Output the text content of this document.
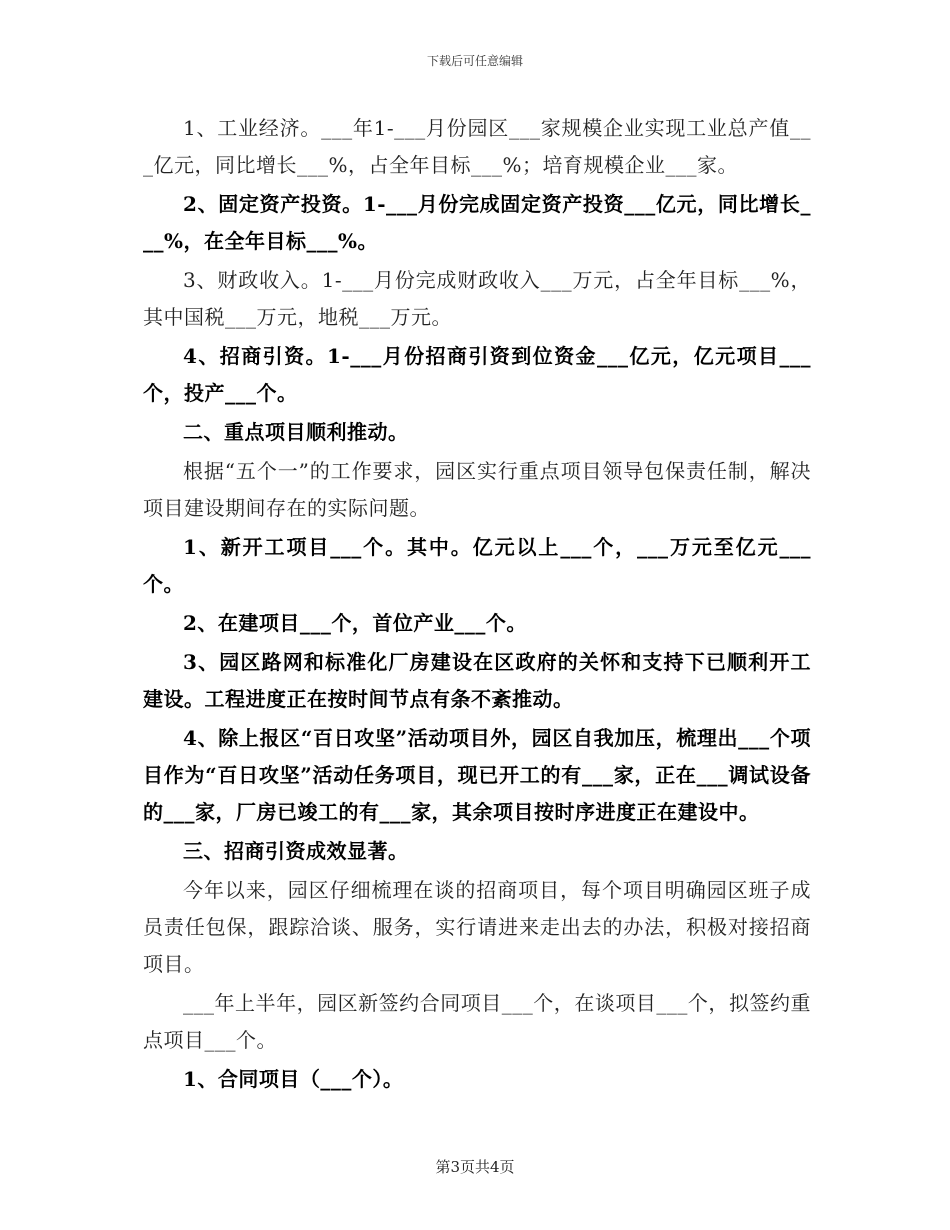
下载后可任意编辑

1、工业经济。___年1-___月份园区___家规模企业实现工业总产值___亿元，同比增长___%，占全年目标___%；培育规模企业___家。

2、固定资产投资。1-___月份完成固定资产投资___亿元，同比增长___%，在全年目标___%。

3、财政收入。1-___月份完成财政收入___万元，占全年目标___%，其中国税___万元，地税___万元。

4、招商引资。1-___月份招商引资到位资金___亿元，亿元项目___个，投产___个。

二、重点项目顺利推动。

根据“五个一”的工作要求，园区实行重点项目领导包保责任制，解决项目建设期间存在的实际问题。

1、新开工项目___个。其中。亿元以上___个，___万元至亿元___个。

2、在建项目___个，首位产业___个。

3、园区路网和标准化厂房建设在区政府的关怀和支持下已顺利开工建设。工程进度正在按时间节点有条不紊推动。

4、除上报区“百日攻坚”活动项目外，园区自我加压，梳理出___个项目作为“百日攻坚”活动任务项目，现已开工的有___家，正在___调试设备的___家，厂房已竣工的有___家，其余项目按时序进度正在建设中。

三、招商引资成效显著。

今年以来，园区仔细梳理在谈的招商项目，每个项目明确园区班子成员责任包保，跟踪洽谈、服务，实行请进来走出去的办法，积极对接招商项目。

___年上半年，园区新签约合同项目___个，在谈项目___个，拟签约重点项目___个。

1、合同项目（___个）。

第3页共4页
